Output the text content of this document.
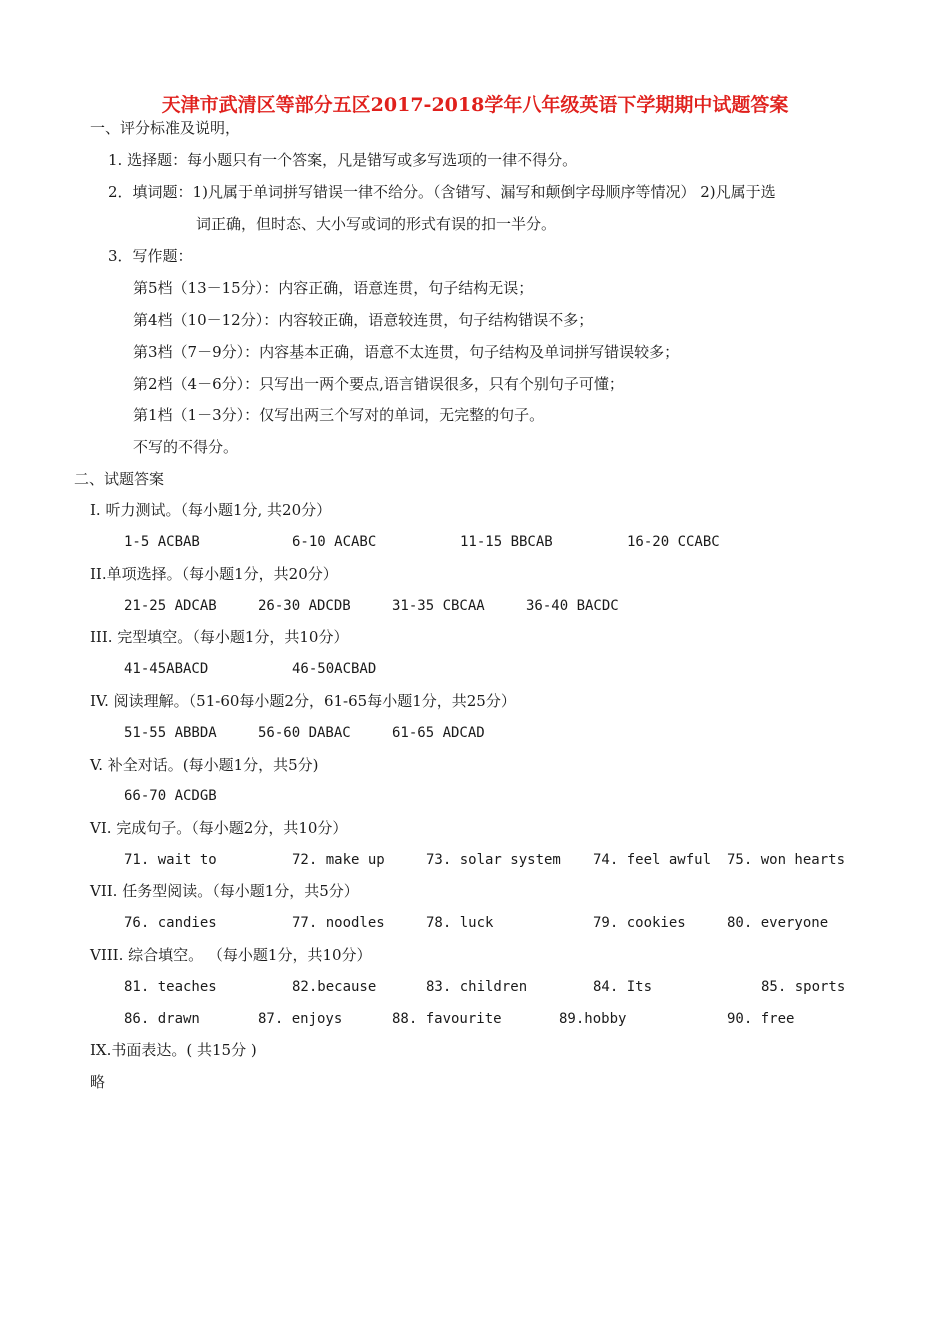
天津市武清区等部分五区2017-2018学年八年级英语下学期期中试题答案
一、评分标准及说明，
1. 选择题：每小题只有一个答案，凡是错写或多写选项的一律不得分。
2．填词题：1)凡属于单词拼写错误一律不给分。（含错写、漏写和颠倒字母顺序等情况） 2)凡属于选
词正确，但时态、大小写或词的形式有误的扣一半分。
3．写作题：
第5档（13－15分）：内容正确，语意连贯，句子结构无误；
第4档（10－12分）：内容较正确，语意较连贯，句子结构错误不多；
第3档（7－9分）：内容基本正确，语意不太连贯，句子结构及单词拼写错误较多；
第2档（4－6分）：只写出一两个要点,语言错误很多，只有个别句子可懂；
第1档（1－3分）：仅写出两三个写对的单词，无完整的句子。
不写的不得分。
二、试题答案
I. 听力测试。（每小题1分, 共20分）
1-5 ACBAB	6-10 ACABC	11-15 BBCAB	16-20 CCABC
II.单项选择。（每小题1分，共20分）
21-25 ADCAB	26-30 ADCDB	31-35 CBCAA	36-40 BACDC
III. 完型填空。（每小题1分，共10分）
41-45ABACD	46-50ACBAD
IV. 阅读理解。（51-60每小题2分，61-65每小题1分，共25分）
51-55 ABBDA	56-60 DABAC	61-65 ADCAD
V. 补全对话。(每小题1分，共5分)
66-70 ACDGB
VI. 完成句子。（每小题2分，共10分）
71. wait to	72. make up	73. solar system 74. feel awful 75. won hearts
VII. 任务型阅读。（每小题1分，共5分）
76. candies	77. noodles	78. luck	79. cookies	80. everyone
VIII. 综合填空。 （每小题1分，共10分）
81. teaches	82.because	83. children	84. Its	85. sports
86. drawn	87. enjoys	88. favourite	89.hobby	90. free
IX.书面表达。( 共15分 )
略
